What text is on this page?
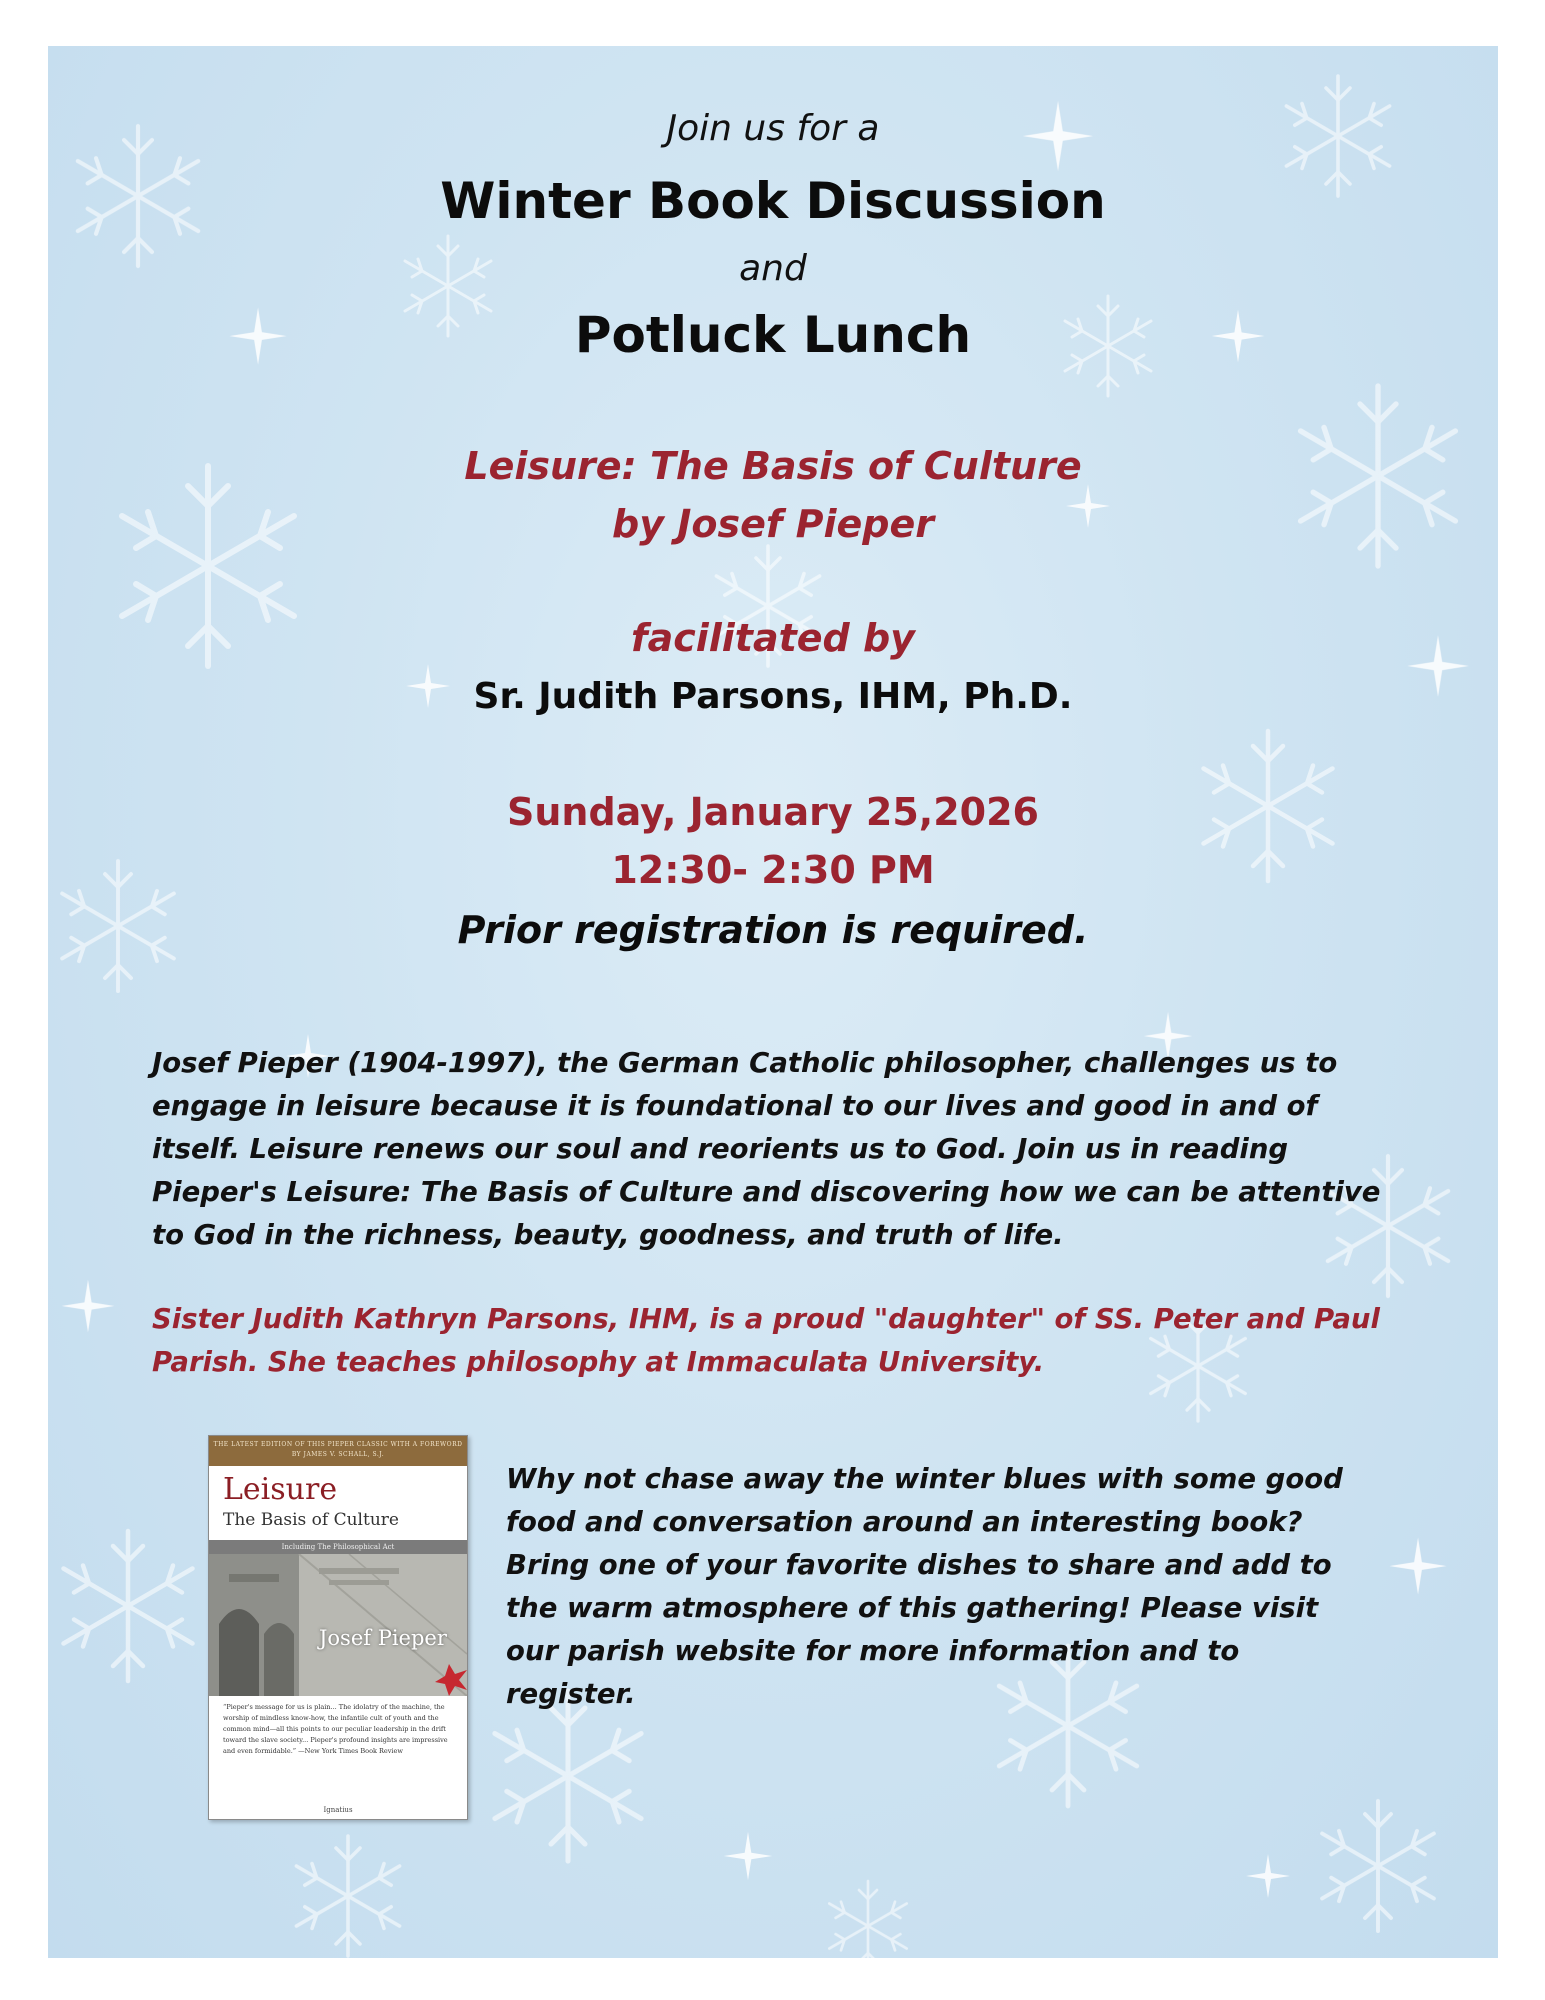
Join us for a

Winter Book Discussion

and

Potluck Lunch

Leisure: The Basis of Culture

by Josef Pieper

facilitated by

Sr. Judith Parsons, IHM, Ph.D.

Sunday, January 25,2026

12:30- 2:30 PM

Prior registration is required.

Josef Pieper (1904-1997), the German Catholic philosopher, challenges us to engage in leisure because it is foundational to our lives and good in and of itself. Leisure renews our soul and reorients us to God. Join us in reading Pieper's Leisure: The Basis of Culture and discovering how we can be attentive to God in the richness, beauty, goodness, and truth of life.

Sister Judith Kathryn Parsons, IHM, is a proud "daughter" of SS. Peter and Paul Parish. She teaches philosophy at Immaculata University.

THE LATEST EDITION OF THIS PIEPER CLASSIC WITH A FOREWORD BY JAMES V. SCHALL, S.J.

Leisure

The Basis of Culture

Including The Philosophical Act

Josef Pieper

“Pieper's message for us is plain... The idolatry of the machine, the worship of mindless know-how, the infantile cult of youth and the common mind—all this points to our peculiar leadership in the drift toward the slave society... Pieper's profound insights are impressive and even formidable.” —New York Times Book Review

Ignatius

Why not chase away the winter blues with some good food and conversation around an interesting book? Bring one of your favorite dishes to share and add to the warm atmosphere of this gathering! Please visit our parish website for more information and to register.
